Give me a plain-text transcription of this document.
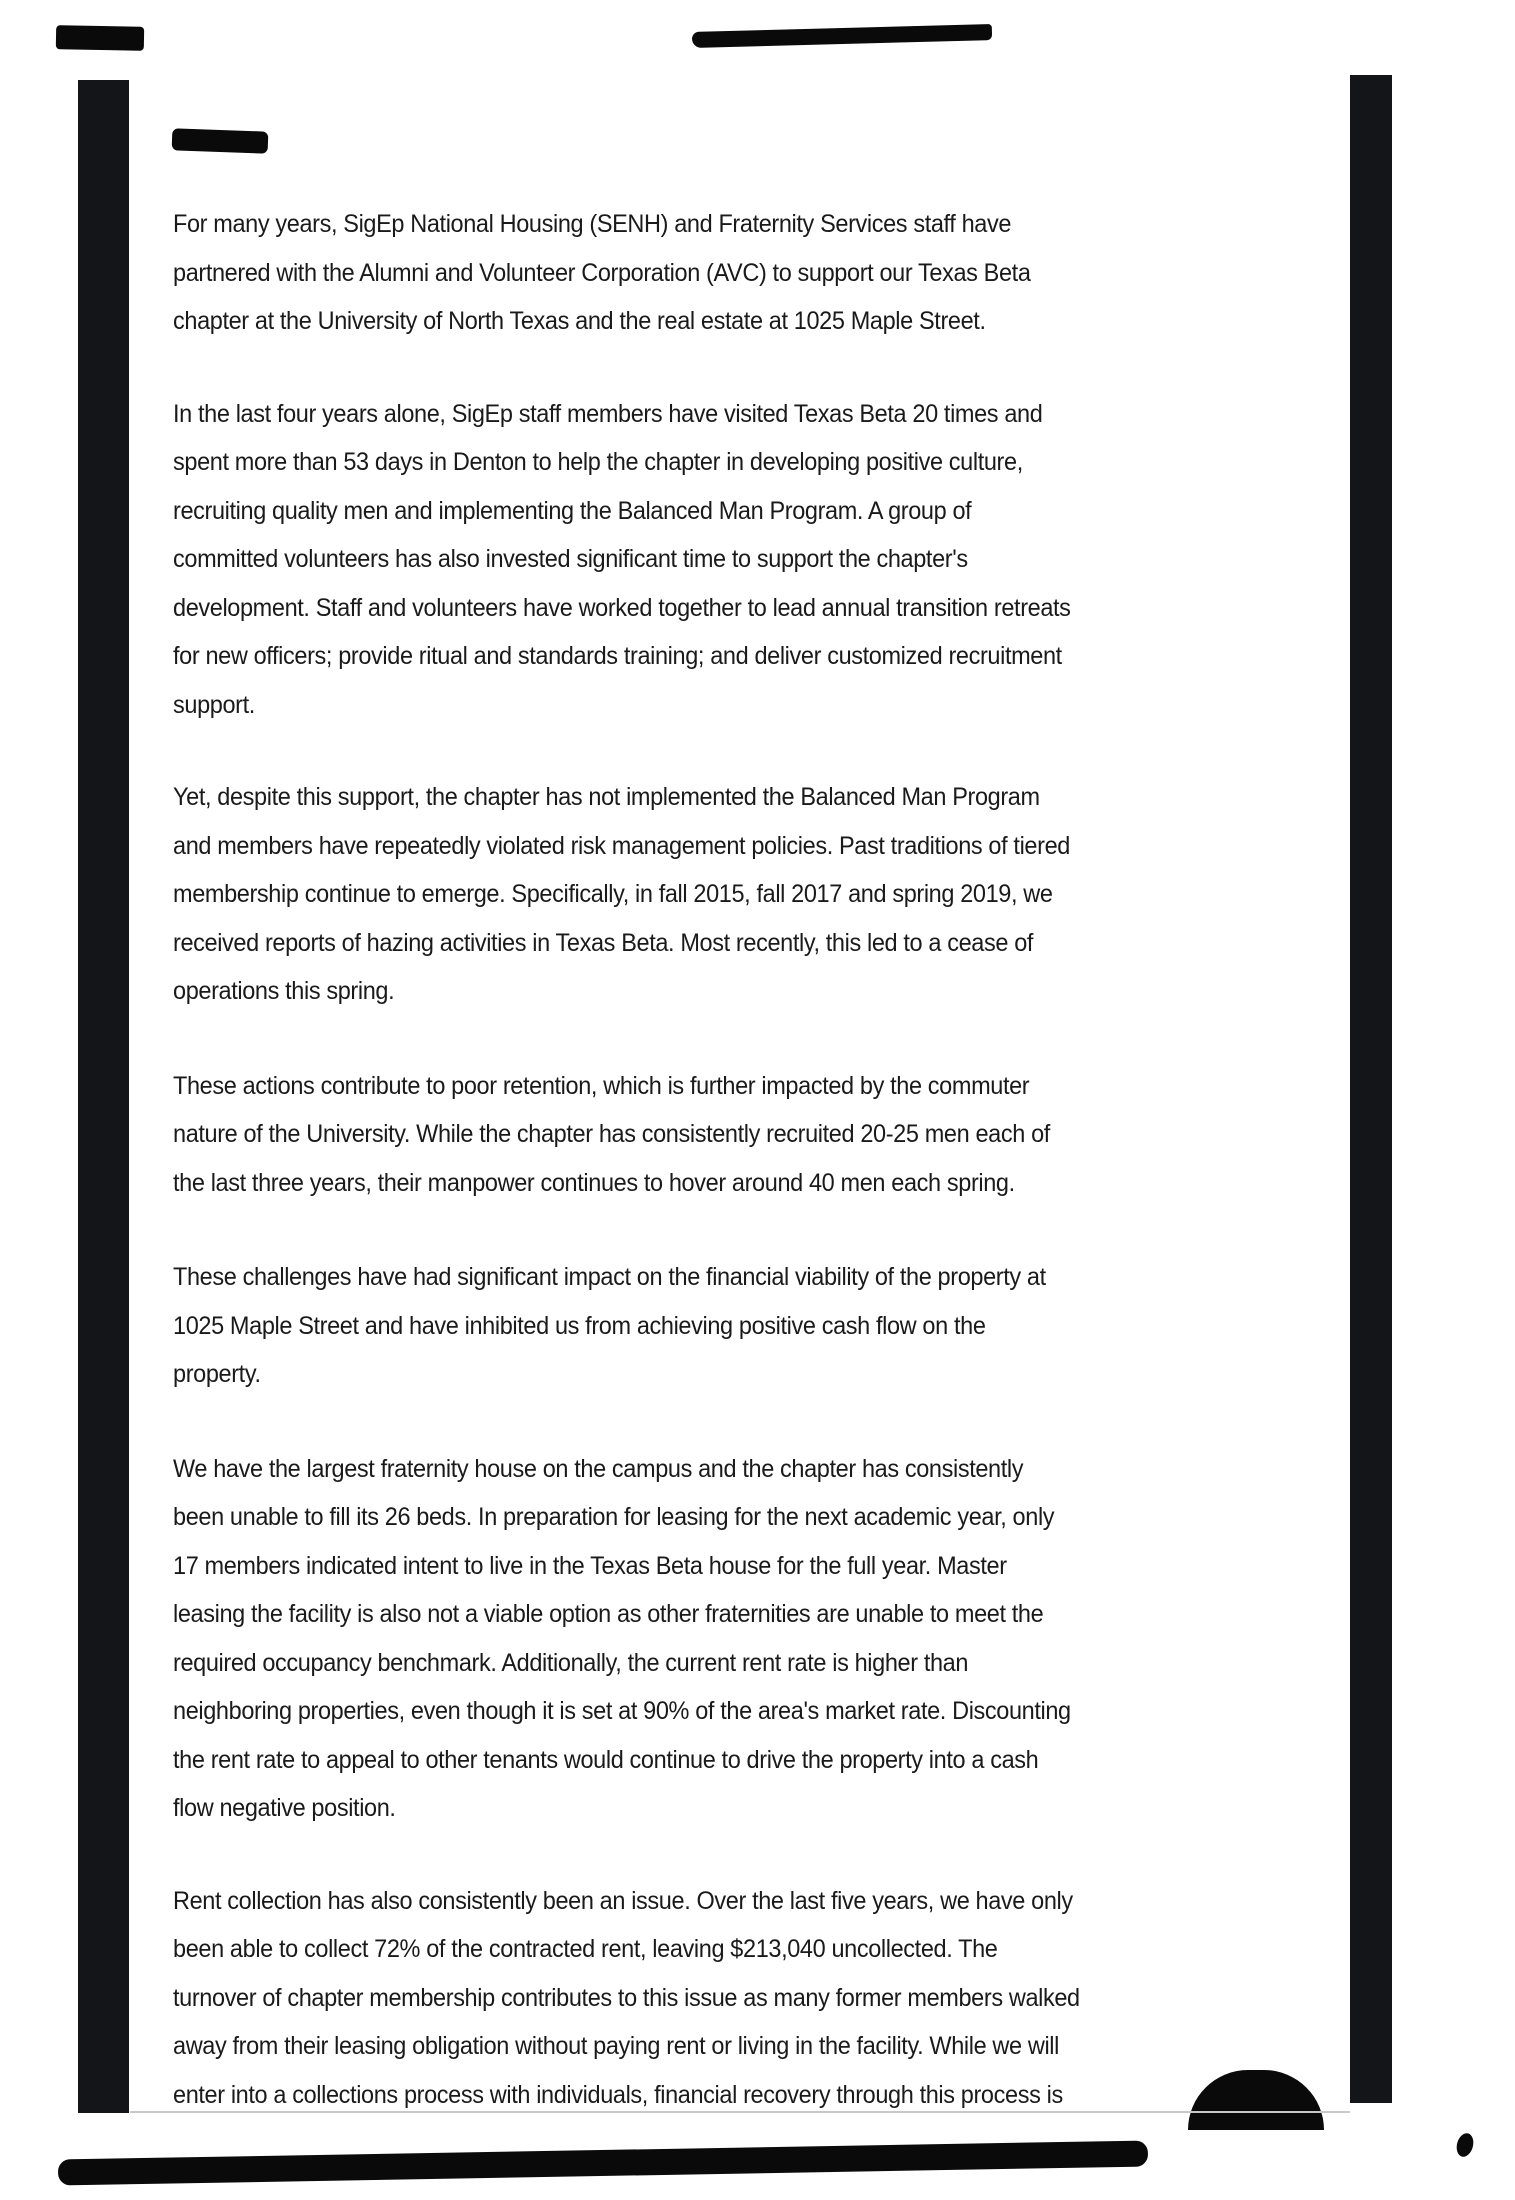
For many years, SigEp National Housing (SENH) and Fraternity Services staff have
partnered with the Alumni and Volunteer Corporation (AVC) to support our Texas Beta
chapter at the University of North Texas and the real estate at 1025 Maple Street.

In the last four years alone, SigEp staff members have visited Texas Beta 20 times and
spent more than 53 days in Denton to help the chapter in developing positive culture,
recruiting quality men and implementing the Balanced Man Program. A group of
committed volunteers has also invested significant time to support the chapter's
development. Staff and volunteers have worked together to lead annual transition retreats
for new officers; provide ritual and standards training; and deliver customized recruitment
support.

Yet, despite this support, the chapter has not implemented the Balanced Man Program
and members have repeatedly violated risk management policies. Past traditions of tiered
membership continue to emerge. Specifically, in fall 2015, fall 2017 and spring 2019, we
received reports of hazing activities in Texas Beta. Most recently, this led to a cease of
operations this spring.

These actions contribute to poor retention, which is further impacted by the commuter
nature of the University. While the chapter has consistently recruited 20-25 men each of
the last three years, their manpower continues to hover around 40 men each spring.

These challenges have had significant impact on the financial viability of the property at
1025 Maple Street and have inhibited us from achieving positive cash flow on the
property.

We have the largest fraternity house on the campus and the chapter has consistently
been unable to fill its 26 beds. In preparation for leasing for the next academic year, only
17 members indicated intent to live in the Texas Beta house for the full year. Master
leasing the facility is also not a viable option as other fraternities are unable to meet the
required occupancy benchmark. Additionally, the current rent rate is higher than
neighboring properties, even though it is set at 90% of the area's market rate. Discounting
the rent rate to appeal to other tenants would continue to drive the property into a cash
flow negative position.

Rent collection has also consistently been an issue. Over the last five years, we have only
been able to collect 72% of the contracted rent, leaving $213,040 uncollected. The
turnover of chapter membership contributes to this issue as many former members walked
away from their leasing obligation without paying rent or living in the facility. While we will
enter into a collections process with individuals, financial recovery through this process is
